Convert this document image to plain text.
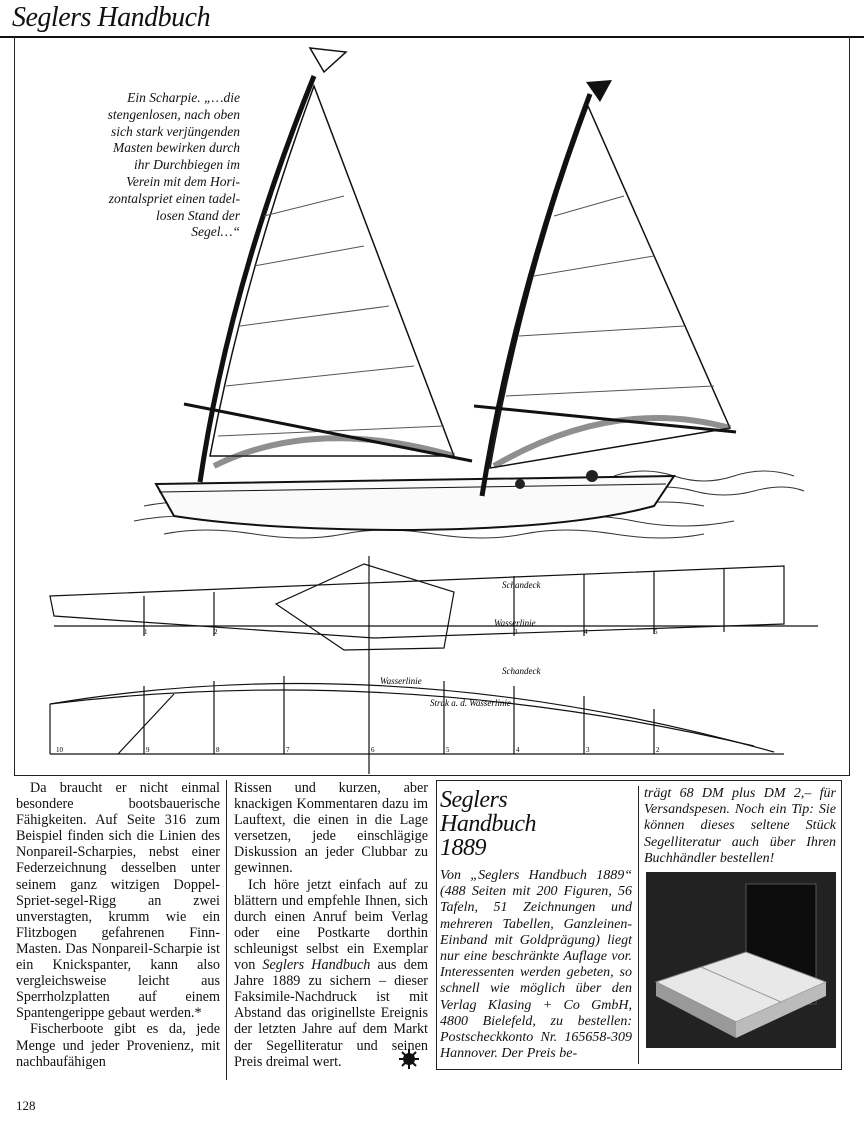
Seglers Handbuch
Schandeck
Wasserlinie
Schandeck
Wasserlinie
Strak a. d. Wasserlinie
1	2	3	4	5
10	9	8	7	6	5	4	3	2
Ein Scharpie. „…die
stengenlosen, nach oben
sich stark verjüngenden
Masten bewirken durch
ihr Durchbiegen im
Verein mit dem Hori-
zontalspriet einen tadel-
losen Stand der
Segel…“

Da braucht er nicht einmal besondere bootsbauerische Fähigkeiten. Auf Seite 316 zum Beispiel finden sich die Linien des Nonpareil-Scharpies, nebst einer Federzeichnung desselben unter seinem ganz witzigen Doppel-Spriet-segel-Rigg an zwei unverstagten, krumm wie ein Flitzbogen gefahrenen Finn-Masten. Das Nonpareil-Scharpie ist ein Knickspanter, kann also vergleichsweise leicht aus Sperrholzplatten auf einem Spantengerippe gebaut werden.*

Fischerboote gibt es da, jede Menge und jeder Provenienz, mit nachbaufähigen

Rissen und kurzen, aber knackigen Kommentaren dazu im Lauftext, die einen in die Lage versetzen, jede einschlägige Diskussion an jeder Clubbar zu gewinnen.

Ich höre jetzt einfach auf zu blättern und empfehle Ihnen, sich durch einen Anruf beim Verlag oder eine Postkarte dorthin schleunigst selbst ein Exemplar von Seglers Handbuch aus dem Jahre 1889 zu sichern – dieser Faksimile-Nachdruck ist mit Abstand das originellste Ereignis der letzten Jahre auf dem Markt der Segelliteratur und seinen Preis dreimal wert.

Seglers
Handbuch
1889
Von „Seglers Handbuch 1889“ (488 Seiten mit 200 Figuren, 56 Tafeln, 51 Zeichnungen und mehreren Tabellen, Ganzleinen-Einband mit Goldprägung) liegt nur eine beschränkte Auflage vor. Interessenten werden gebeten, so schnell wie möglich über den Verlag Klasing + Co GmbH, 4800 Bielefeld, zu bestellen: Postscheckkonto Nr. 165658-309 Hannover. Der Preis be-
trägt 68 DM plus DM 2,– für Versandspesen. Noch ein Tip: Sie können dieses seltene Stück Segelliteratur auch über Ihren Buchhändler bestellen!
128
